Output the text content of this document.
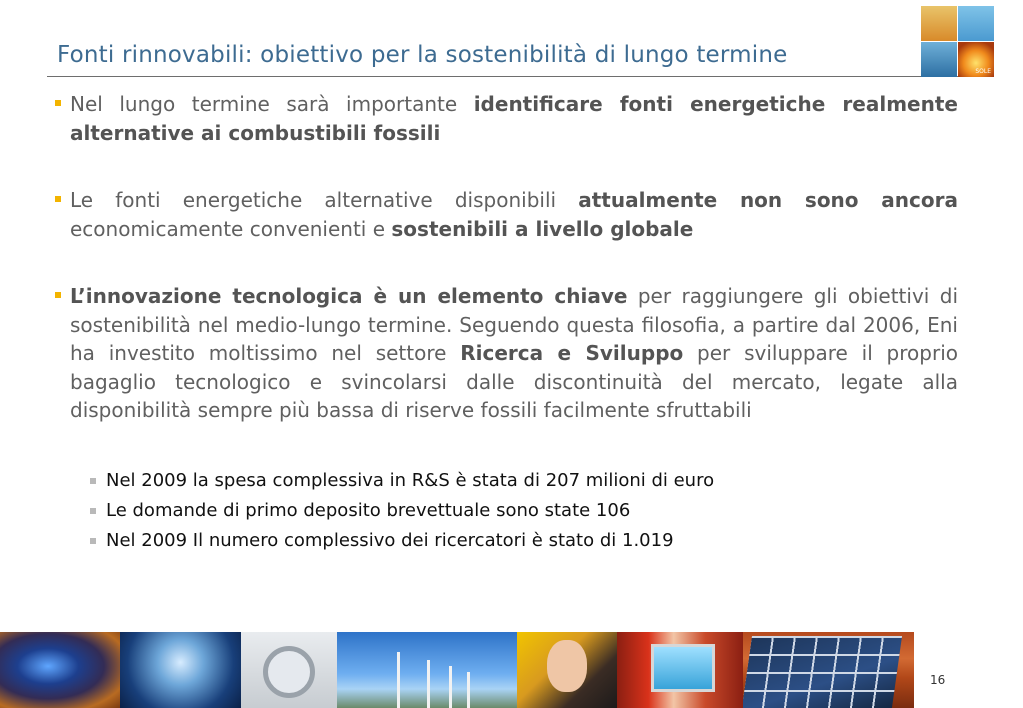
Fonti rinnovabili: obiettivo per la sostenibilità di lungo termine
SOLE
Nel lungo termine sarà importante identificare fonti energetiche realmente alternative ai combustibili fossili
Le fonti energetiche alternative disponibili attualmente non sono ancora economicamente convenienti e sostenibili a livello globale
L’innovazione tecnologica è un elemento chiave per raggiungere gli obiettivi di sostenibilità nel medio-lungo termine. Seguendo questa filosofia, a partire dal 2006, Eni ha investito moltissimo nel settore Ricerca e Sviluppo per sviluppare il proprio bagaglio tecnologico e svincolarsi dalle discontinuità del mercato, legate alla disponibilità sempre più bassa di riserve fossili facilmente sfruttabili
Nel 2009 la spesa complessiva in R&S è stata di 207 milioni di euro
Le domande di primo deposito brevettuale sono state 106
Nel 2009 Il numero complessivo dei ricercatori è stato di 1.019
16
